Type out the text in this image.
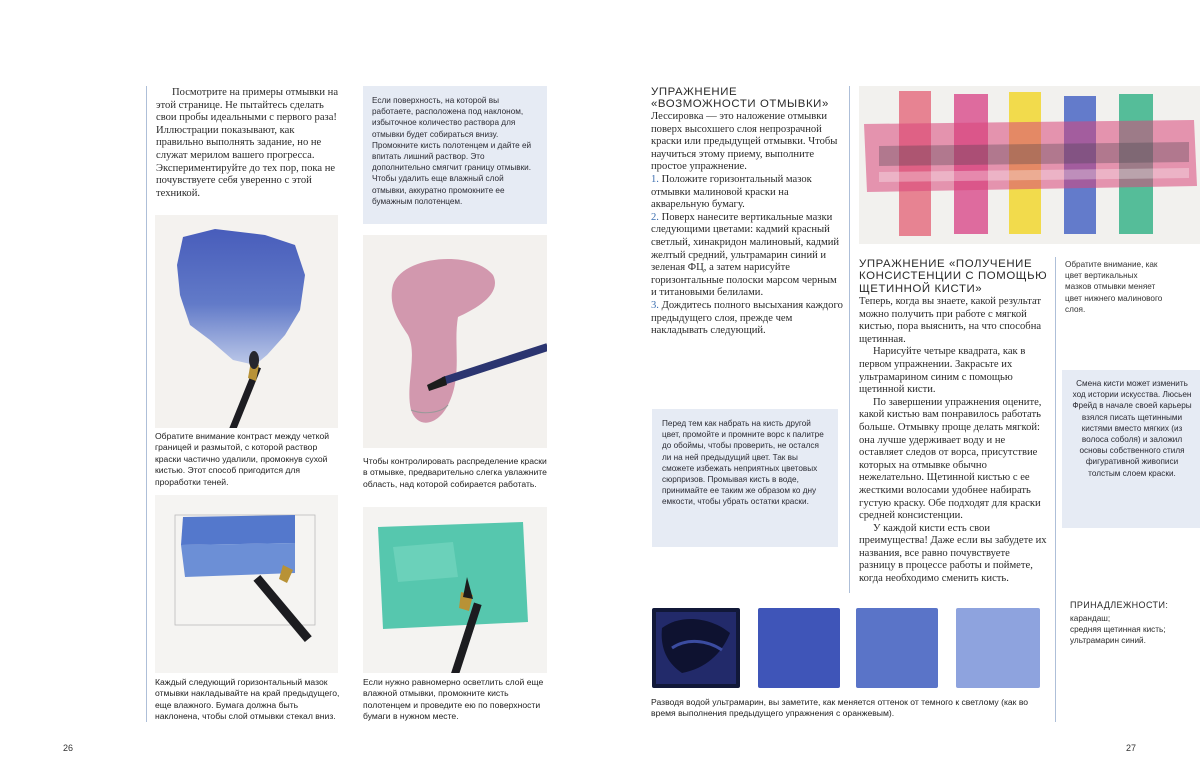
Посмотрите на примеры отмывки на этой странице. Не пытайтесь сделать свои пробы идеальными с первого раза! Иллюстрации показывают, как правильно выполнять задание, но не служат мерилом вашего прогресса. Экспериментируйте до тех пор, пока не почувствуете себя уверенно с этой техникой.
Если поверхность, на которой вы работаете, расположена под наклоном, избыточное количество раствора для отмывки будет собираться внизу. Промокните кисть полотенцем и дайте ей впитать лишний раствор. Это дополнительно смягчит границу отмывки. Чтобы удалить еще влажный слой отмывки, аккуратно промокните ее бумажным полотенцем.
Обратите внимание контраст между четкой границей и размытой, с которой раствор краски частично удалили, промокнув сухой кистью. Этот способ пригодится для проработки теней.
Чтобы контролировать распределение краски в отмывке, предварительно слегка увлажните область, над которой собирается работать.
Каждый следующий горизонтальный мазок отмывки накладывайте на край предыдущего, еще влажного. Бумага должна быть наклонена, чтобы слой отмывки стекал вниз.
Если нужно равномерно осветлить слой еще влажной отмывки, промокните кисть полотенцем и проведите ею по поверхности бумаги в нужном месте.
26
УПРАЖНЕНИЕ
«ВОЗМОЖНОСТИ ОТМЫВКИ»

Лессировка — это наложение отмывки поверх высохшего слоя непрозрачной краски или предыдущей отмывки. Чтобы научиться этому приему, выполните простое упражнение.

1. Положите горизонтальный мазок отмывки малиновой краски на акварельную бумагу.

2. Поверх нанесите вертикальные мазки следующими цветами: кадмий красный светлый, хинакридон малиновый, кадмий желтый средний, ультрамарин синий и зеленая ФЦ, а затем нарисуйте горизонтальные полоски марсом черным и титановыми белилами.

3. Дождитесь полного высыхания каждого предыдущего слоя, прежде чем накладывать следующий.

Обратите внимание, как цвет вертикальных мазков отмывки меняет цвет нижнего малинового слоя.
УПРАЖНЕНИЕ «ПОЛУЧЕНИЕ
КОНСИСТЕНЦИИ С ПОМОЩЬЮ
ЩЕТИННОЙ КИСТИ»

Теперь, когда вы знаете, какой результат можно получить при работе с мягкой кистью, пора выяснить, на что способна щетинная.

Нарисуйте четыре квадрата, как в первом упражнении. Закрасьте их ультрамарином синим с помощью щетинной кисти.

По завершении упражнения оцените, какой кистью вам понравилось работать больше. Отмывку проще делать мягкой: она лучше удерживает воду и не оставляет следов от ворса, присутствие которых на отмывке обычно нежелательно. Щетинной кистью с ее жесткими волосами удобнее набирать густую краску. Обе подходят для краски средней консистенции.

У каждой кисти есть свои преимущества! Даже если вы забудете их названия, все равно почувствуете разницу в процессе работы и поймете, когда необходимо сменить кисть.

Перед тем как набрать на кисть другой цвет, промойте и промните ворс к палитре до обоймы, чтобы проверить, не остался ли на ней предыдущий цвет. Так вы сможете избежать неприятных цветовых сюрпризов. Промывая кисть в воде, принимайте ее таким же образом ко дну емкости, чтобы убрать остатки краски.
Смена кисти может изменить ход истории искусства. Люсьен Фрейд в начале своей карьеры взялся писать щетинными кистями вместо мягких (из волоса соболя) и заложил основы собственного стиля фигуративной живописи толстым слоем краски.
ПРИНАДЛЕЖНОСТИ:
карандаш;
средняя щетинная кисть;
ультрамарин синий.
Разводя водой ультрамарин, вы заметите, как меняется оттенок от темного к светлому (как во время выполнения предыдущего упражнения с оранжевым).
27
